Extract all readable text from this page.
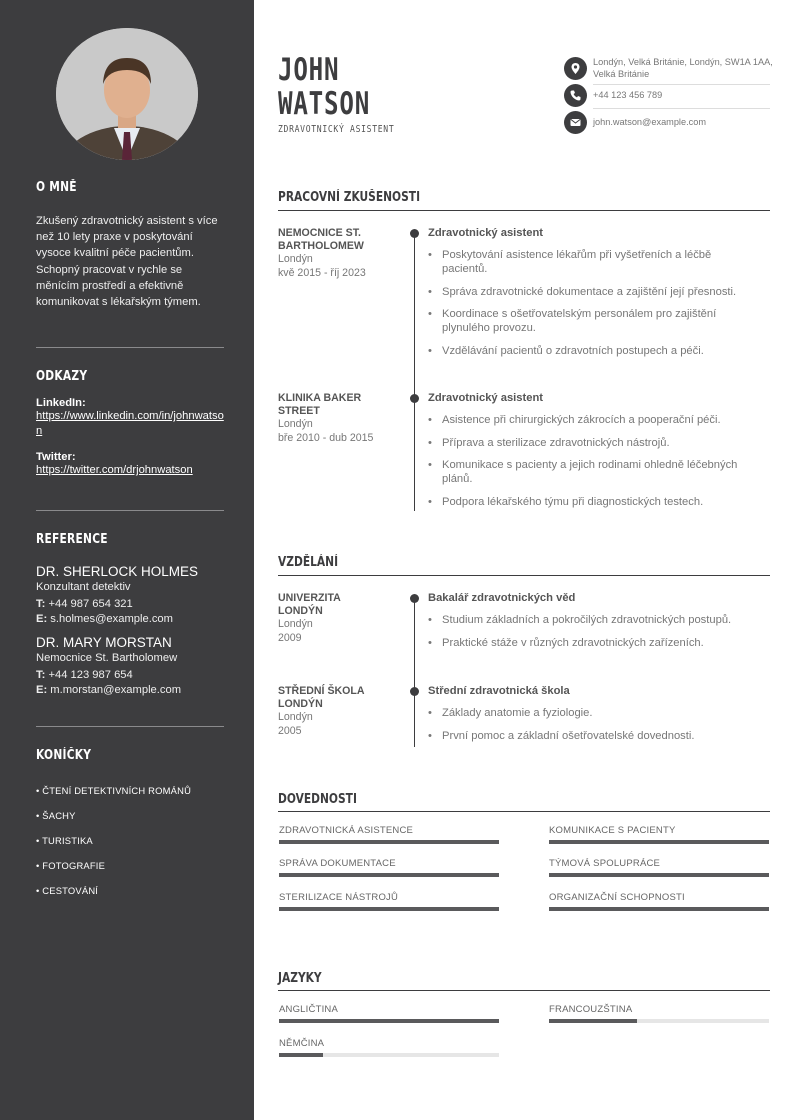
O MNĚ
Zkušený zdravotnický asistent s více než 10 lety praxe v poskytování vysoce kvalitní péče pacientům. Schopný pracovat v rychle se měnícím prostředí a efektivně komunikovat s lékařským týmem.
ODKAZY
LinkedIn:
https://www.linkedin.com/in/johnwatson
Twitter:
https://twitter.com/drjohnwatson
REFERENCE
DR. SHERLOCK HOLMES
Konzultant detektiv
T: +44 987 654 321
E: s.holmes@example.com
DR. MARY MORSTAN
Nemocnice St. Bartholomew
T: +44 123 987 654
E: m.morstan@example.com
KONÍČKY
• ČTENÍ DETEKTIVNÍCH ROMÁNŮ
• ŠACHY
• TURISTIKA
• FOTOGRAFIE
• CESTOVÁNÍ
JOHN
WATSON
ZDRAVOTNICKÝ ASISTENT
Londýn, Velká Británie, Londýn, SW1A 1AA, Velká Británie
+44 123 456 789
john.watson@example.com
PRACOVNÍ ZKUŠENOSTI
NEMOCNICE ST. BARTHOLOMEW
Londýn
kvě 2015 - říj 2023
Zdravotnický asistent
• Poskytování asistence lékařům při vyšetřeních a léčbě pacientů.
• Správa zdravotnické dokumentace a zajištění její přesnosti.
• Koordinace s ošetřovatelským personálem pro zajištění plynulého provozu.
• Vzdělávání pacientů o zdravotních postupech a péči.
KLINIKA BAKER STREET
Londýn
bře 2010 - dub 2015
Zdravotnický asistent
• Asistence při chirurgických zákrocích a pooperační péči.
• Příprava a sterilizace zdravotnických nástrojů.
• Komunikace s pacienty a jejich rodinami ohledně léčebných plánů.
• Podpora lékařského týmu při diagnostických testech.
VZDĚLÁNÍ
UNIVERZITA LONDÝN
Londýn
2009
Bakalář zdravotnických věd
• Studium základních a pokročilých zdravotnických postupů.
• Praktické stáže v různých zdravotnických zařízeních.
STŘEDNÍ ŠKOLA LONDÝN
Londýn
2005
Střední zdravotnická škola
• Základy anatomie a fyziologie.
• První pomoc a základní ošetřovatelské dovednosti.
DOVEDNOSTI
ZDRAVOTNICKÁ ASISTENCE	KOMUNIKACE S PACIENTY
SPRÁVA DOKUMENTACE	TÝMOVÁ SPOLUPRÁCE
STERILIZACE NÁSTROJŮ	ORGANIZAČNÍ SCHOPNOSTI
JAZYKY
ANGLIČTINA	FRANCOUZŠTINA
NĚMČINA
